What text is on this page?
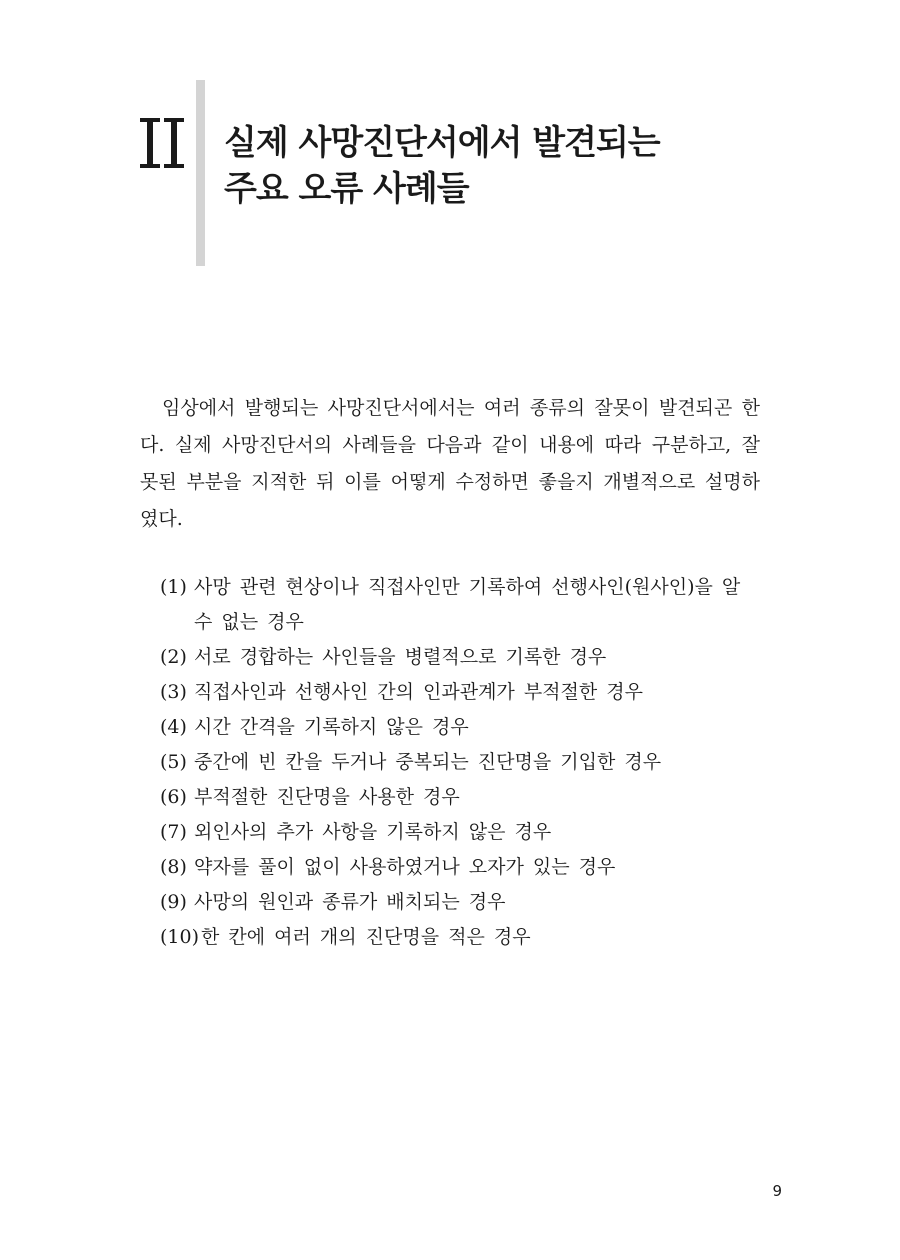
실제 사망진단서에서 발견되는
주요 오류 사례들

임상에서 발행되는 사망진단서에서는 여러 종류의 잘못이 발견되곤 한다. 실제 사망진단서의 사례들을 다음과 같이 내용에 따라 구분하고, 잘못된 부분을 지적한 뒤 이를 어떻게 수정하면 좋을지 개별적으로 설명하였다.

(1) 사망 관련 현상이나 직접사인만 기록하여 선행사인(원사인)을 알 수 없는 경우
(2) 서로 경합하는 사인들을 병렬적으로 기록한 경우
(3) 직접사인과 선행사인 간의 인과관계가 부적절한 경우
(4) 시간 간격을 기록하지 않은 경우
(5) 중간에 빈 칸을 두거나 중복되는 진단명을 기입한 경우
(6) 부적절한 진단명을 사용한 경우
(7) 외인사의 추가 사항을 기록하지 않은 경우
(8) 약자를 풀이 없이 사용하였거나 오자가 있는 경우
(9) 사망의 원인과 종류가 배치되는 경우
(10) 한 칸에 여러 개의 진단명을 적은 경우
9
